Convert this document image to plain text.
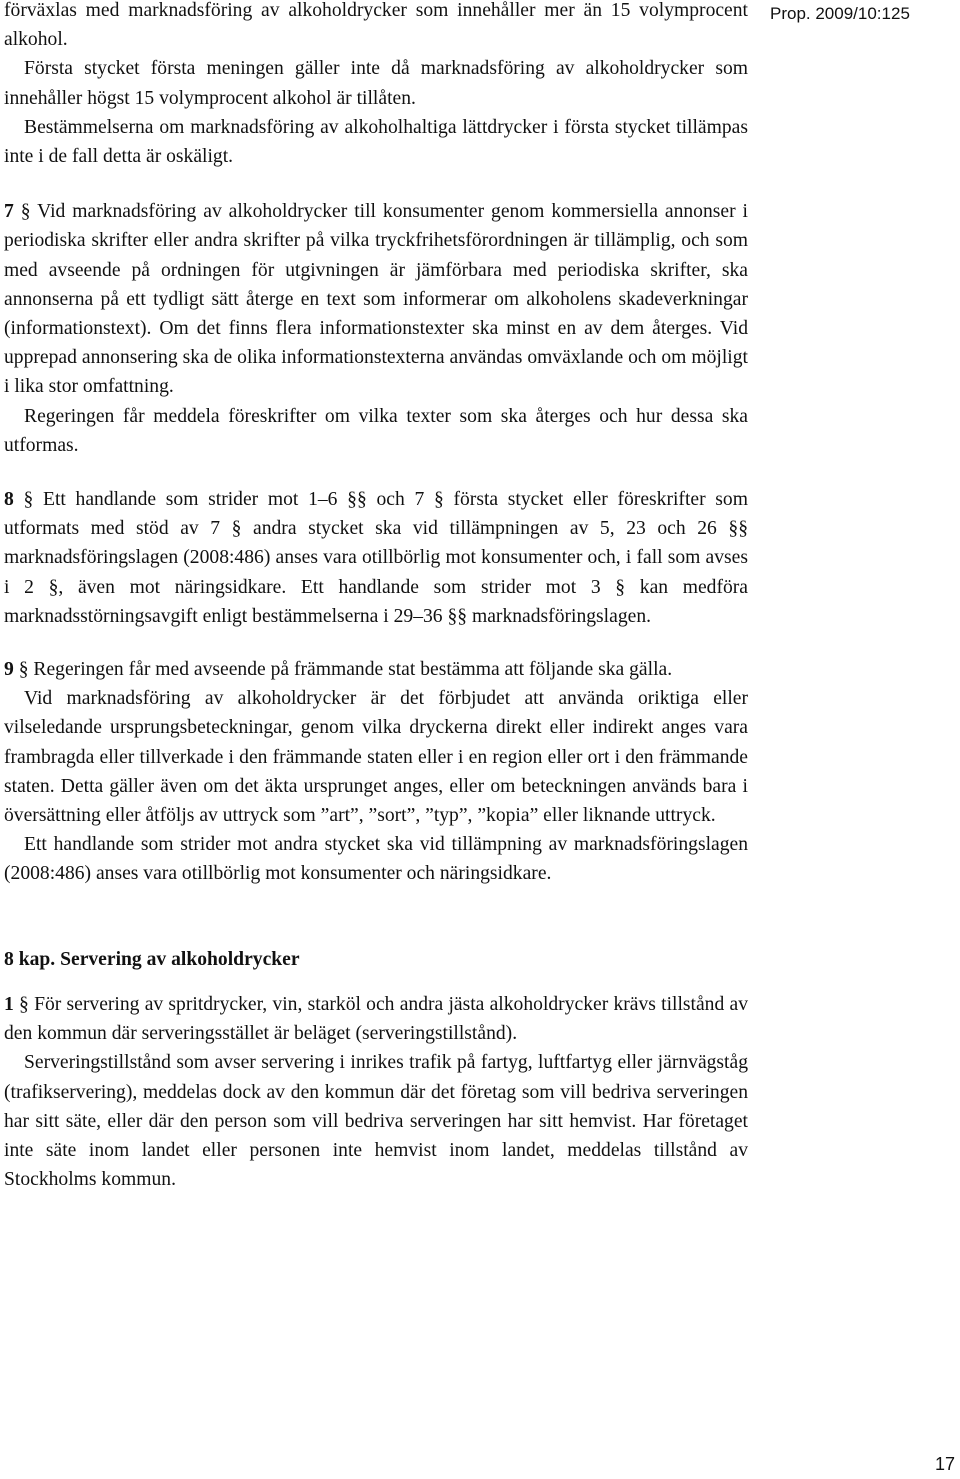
Prop. 2009/10:125

förväxlas med marknadsföring av alkoholdrycker som innehåller mer än 15 volymprocent alkohol.

Första stycket första meningen gäller inte då marknadsföring av alkoholdrycker som innehåller högst 15 volymprocent alkohol är tillåten.

Bestämmelserna om marknadsföring av alkoholhaltiga lättdrycker i första stycket tillämpas inte i de fall detta är oskäligt.

7 § Vid marknadsföring av alkoholdrycker till konsumenter genom kommersiella annonser i periodiska skrifter eller andra skrifter på vilka tryckfrihetsförordningen är tillämplig, och som med avseende på ordningen för utgivningen är jämförbara med periodiska skrifter, ska annonserna på ett tydligt sätt återge en text som informerar om alkoholens skadeverkningar (informationstext). Om det finns flera informationstexter ska minst en av dem återges. Vid upprepad annonsering ska de olika informationstexterna användas omväxlande och om möjligt i lika stor omfattning.

Regeringen får meddela föreskrifter om vilka texter som ska återges och hur dessa ska utformas.

8 § Ett handlande som strider mot 1–6 §§ och 7 § första stycket eller föreskrifter som utformats med stöd av 7 § andra stycket ska vid tillämpningen av 5, 23 och 26 §§ marknadsföringslagen (2008:486) anses vara otillbörlig mot konsumenter och, i fall som avses i 2 §, även mot näringsidkare. Ett handlande som strider mot 3 § kan medföra marknadsstörningsavgift enligt bestämmelserna i 29–36 §§ marknadsföringslagen.

9 § Regeringen får med avseende på främmande stat bestämma att följande ska gälla.

Vid marknadsföring av alkoholdrycker är det förbjudet att använda oriktiga eller vilseledande ursprungsbeteckningar, genom vilka dryckerna direkt eller indirekt anges vara frambragda eller tillverkade i den främmande staten eller i en region eller ort i den främmande staten. Detta gäller även om det äkta ursprunget anges, eller om beteckningen används bara i översättning eller åtföljs av uttryck som ”art”, ”sort”, ”typ”, ”kopia” eller liknande uttryck.

Ett handlande som strider mot andra stycket ska vid tillämpning av marknadsföringslagen (2008:486) anses vara otillbörlig mot konsumenter och näringsidkare.

8 kap. Servering av alkoholdrycker

1 § För servering av spritdrycker, vin, starköl och andra jästa alkoholdrycker krävs tillstånd av den kommun där serveringsstället är beläget (serveringstillstånd).

Serveringstillstånd som avser servering i inrikes trafik på fartyg, luftfartyg eller järnvägståg (trafikservering), meddelas dock av den kommun där det företag som vill bedriva serveringen har sitt säte, eller där den person som vill bedriva serveringen har sitt hemvist. Har företaget inte säte inom landet eller personen inte hemvist inom landet, meddelas tillstånd av Stockholms kommun.

17
